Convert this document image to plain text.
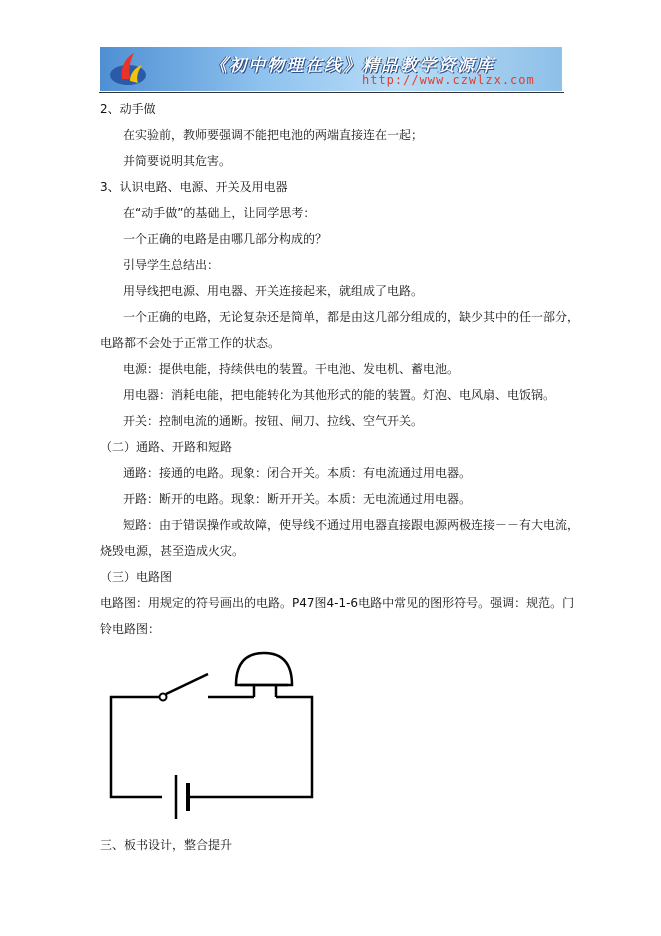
《初中物理在线》精品教学资源库
http://www.czwlzx.com
2、动手做
在实验前，教师要强调不能把电池的两端直接连在一起；
并简要说明其危害。
3、认识电路、电源、开关及用电器
在“动手做”的基础上，让同学思考：
一个正确的电路是由哪几部分构成的？
引导学生总结出：
用导线把电源、用电器、开关连接起来，就组成了电路。
一个正确的电路，无论复杂还是简单，都是由这几部分组成的，缺少其中的任一部分，
电路都不会处于正常工作的状态。
电源：提供电能，持续供电的装置。干电池、发电机、蓄电池。
用电器：消耗电能，把电能转化为其他形式的能的装置。灯泡、电风扇、电饭锅。
开关：控制电流的通断。按钮、闸刀、拉线、空气开关。
（二）通路、开路和短路
通路：接通的电路。现象：闭合开关。本质：有电流通过用电器。
开路：断开的电路。现象：断开开关。本质：无电流通过用电器。
短路：由于错误操作或故障，使导线不通过用电器直接跟电源两极连接－－有大电流，
烧毁电源，甚至造成火灾。
（三）电路图
电路图：用规定的符号画出的电路。P47图4-1-6电路中常见的图形符号。强调：规范。门
铃电路图：
三、板书设计，整合提升
